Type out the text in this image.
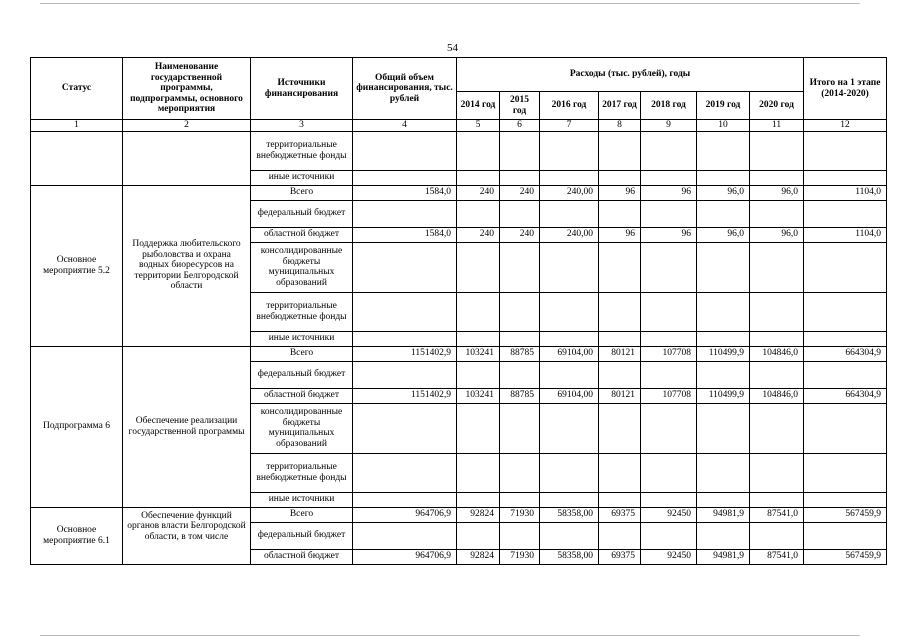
54
Статус	Наименование государственной программы, подпрограммы, основного мероприятия	Источники финансирования	Общий объем финансирования, тыс. рублей	Расходы (тыс. рублей), годы							Итого на 1 этапе (2014-2020)
				2014 год	2015 год	2016 год	2017 год	2018 год	2019 год	2020 год	
1	2	3	4	5	6	7	8	9	10	11	12
		территориальные внебюджетные фонды									
		иные источники									
Основное мероприятие 5.2	Поддержка любительского рыболовства и охрана водных биоресурсов на территории Белгородской области	Всего	1584,0	240	240	240,00	96	96	96,0	96,0	1104,0
		федеральный бюджет									
		областной бюджет	1584,0	240	240	240,00	96	96	96,0	96,0	1104,0
		консолидированные бюджеты муниципальных образований									
		территориальные внебюджетные фонды									
		иные источники									
Подпрограмма 6	Обеспечение реализации государственной программы	Всего	1151402,9	103241	88785	69104,00	80121	107708	110499,9	104846,0	664304,9
		федеральный бюджет									
		областной бюджет	1151402,9	103241	88785	69104,00	80121	107708	110499,9	104846,0	664304,9
		консолидированные бюджеты муниципальных образований									
		территориальные внебюджетные фонды									
		иные источники									
Основное мероприятие 6.1	Обеспечение функций органов власти Белгородской области, в том числе	Всего	964706,9	92824	71930	58358,00	69375	92450	94981,9	87541,0	567459,9
		федеральный бюджет									
		областной бюджет	964706,9	92824	71930	58358,00	69375	92450	94981,9	87541,0	567459,9
